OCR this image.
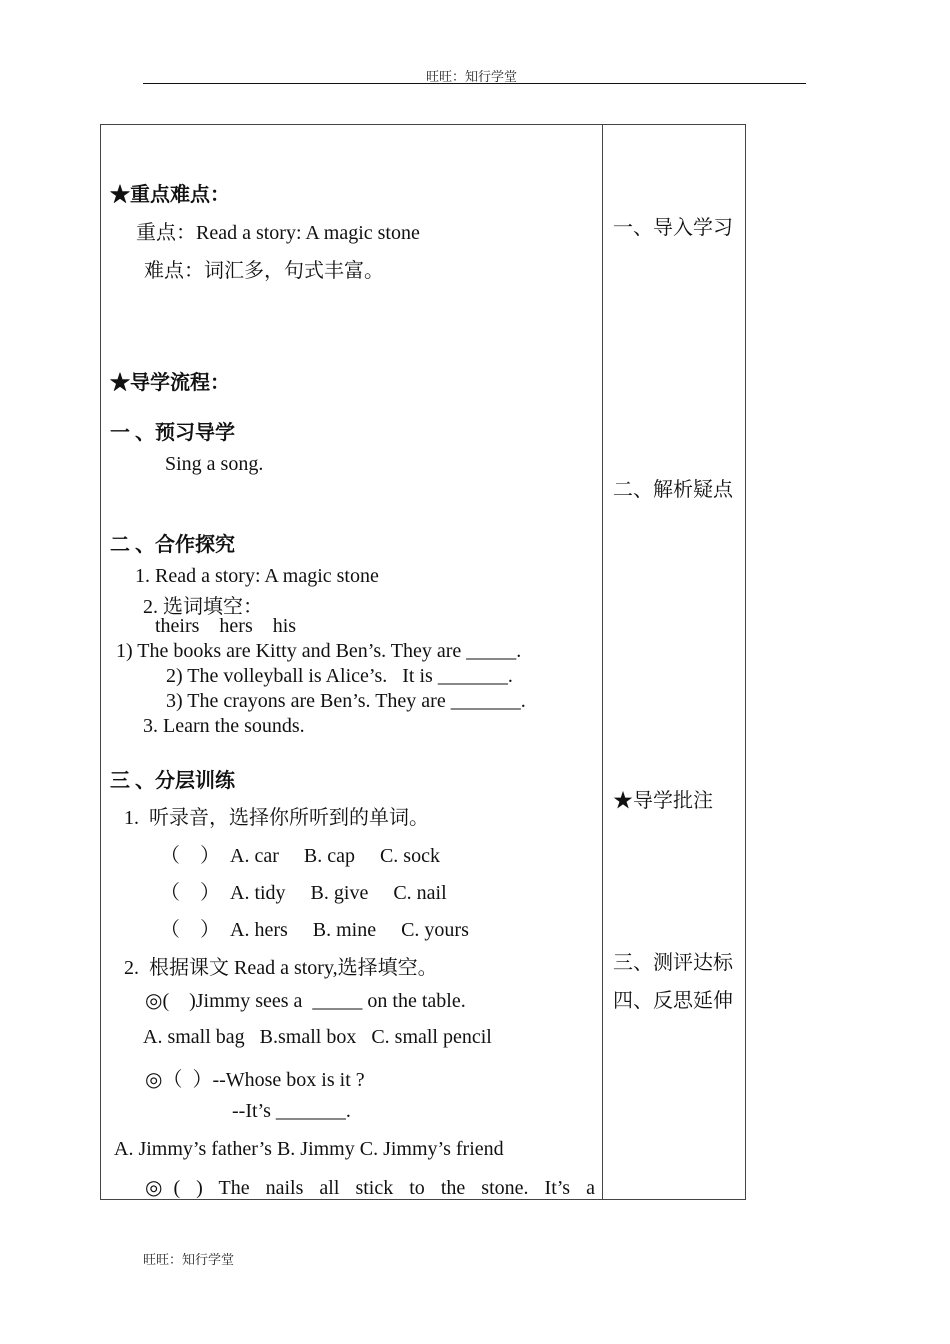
旺旺：知行学堂
★重点难点：
重点：Read a story: A magic stone
难点：词汇多，句式丰富。
★导学流程：
一 、预习导学
Sing a song.
二 、合作探究
1. Read a story: A magic stone
2. 选词填空：
theirs    hers    his
1) The books are Kitty and Ben’s. They are _____.
2) The volleyball is Alice’s.   It is _______.
3) The crayons are Ben’s. They are _______.
3. Learn the sounds.
三 、分层训练
1.  听录音，选择你所听到的单词。
（    ）  A. car     B. cap     C. sock
（    ）  A. tidy     B. give     C. nail
（    ）  A. hers     B. mine     C. yours
2.  根据课文 Read a story,选择填空。
◎(    )Jimmy sees a  _____ on the table.
A. small bag   B.small box   C. small pencil
◎（  ）--Whose box is it ?
--It’s _______.
A. Jimmy’s father’s B. Jimmy C. Jimmy’s friend
◎( ) The nails all stick to the stone. It’s a
一、导入学习
二、解析疑点
★导学批注
三、测评达标
四、反思延伸
旺旺：知行学堂
